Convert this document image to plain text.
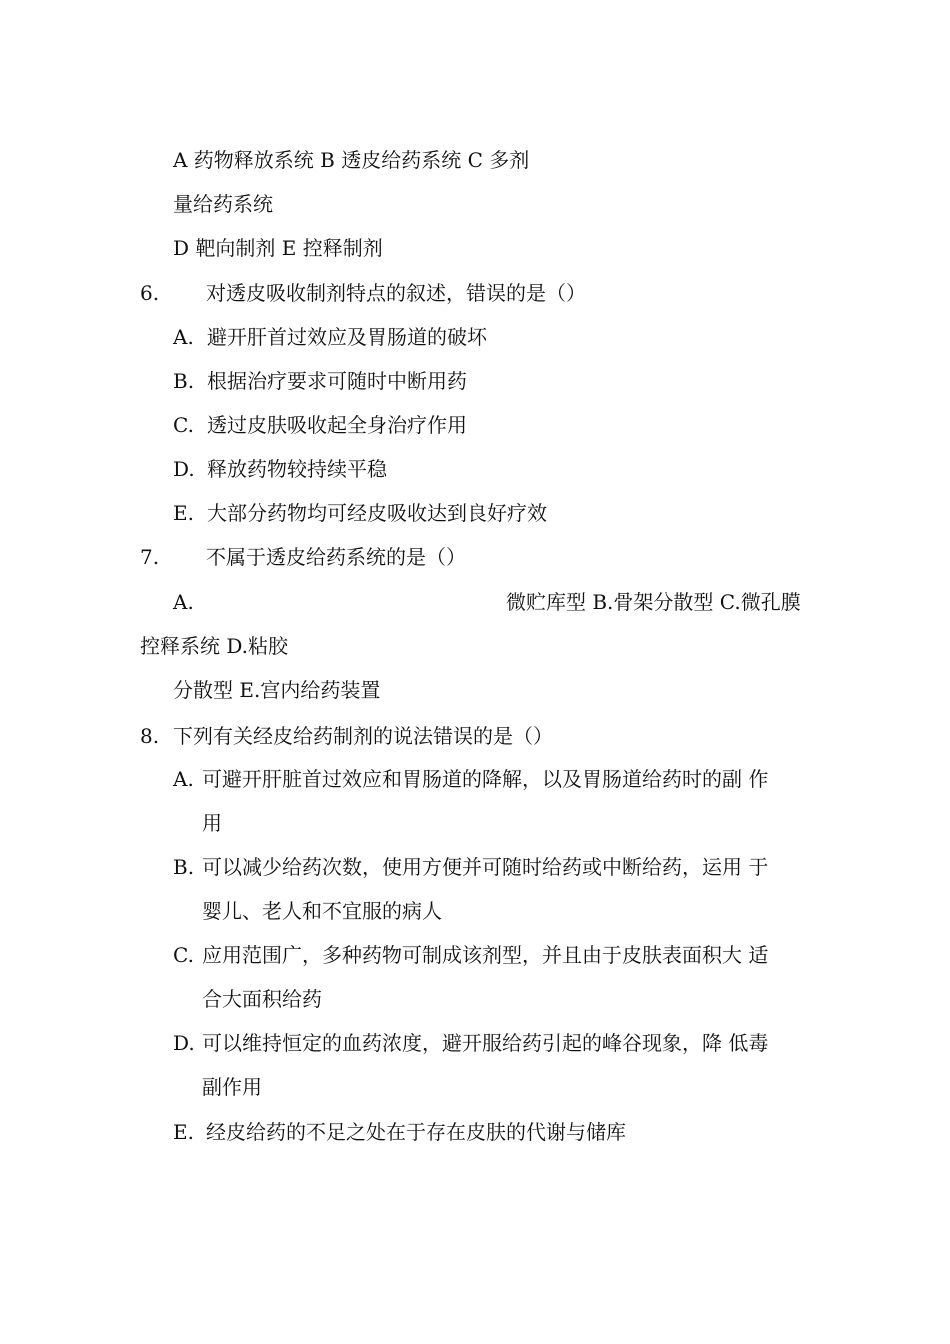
A 药物释放系统 B 透皮给药系统 C 多剂
量给药系统
D 靶向制剂 E 控释制剂
6. 对透皮吸收制剂特点的叙述，错误的是（）
A. 避开肝首过效应及胃肠道的破坏
B. 根据治疗要求可随时中断用药
C. 透过皮肤吸收起全身治疗作用
D. 释放药物较持续平稳
E. 大部分药物均可经皮吸收达到良好疗效
7. 不属于透皮给药系统的是（）
A.	微贮库型 B.骨架分散型 C.微孔膜
控释系统 D.粘胶
分散型 E.宫内给药装置
8. 下列有关经皮给药制剂的说法错误的是（）
A. 可避开肝脏首过效应和胃肠道的降解，以及胃肠道给药时的副 作
用
B. 可以减少给药次数，使用方便并可随时给药或中断给药，运用 于
婴儿、老人和不宜服的病人
C. 应用范围广，多种药物可制成该剂型，并且由于皮肤表面积大 适
合大面积给药
D. 可以维持恒定的血药浓度，避开服给药引起的峰谷现象，降 低毒
副作用
E. 经皮给药的不足之处在于存在皮肤的代谢与储库
